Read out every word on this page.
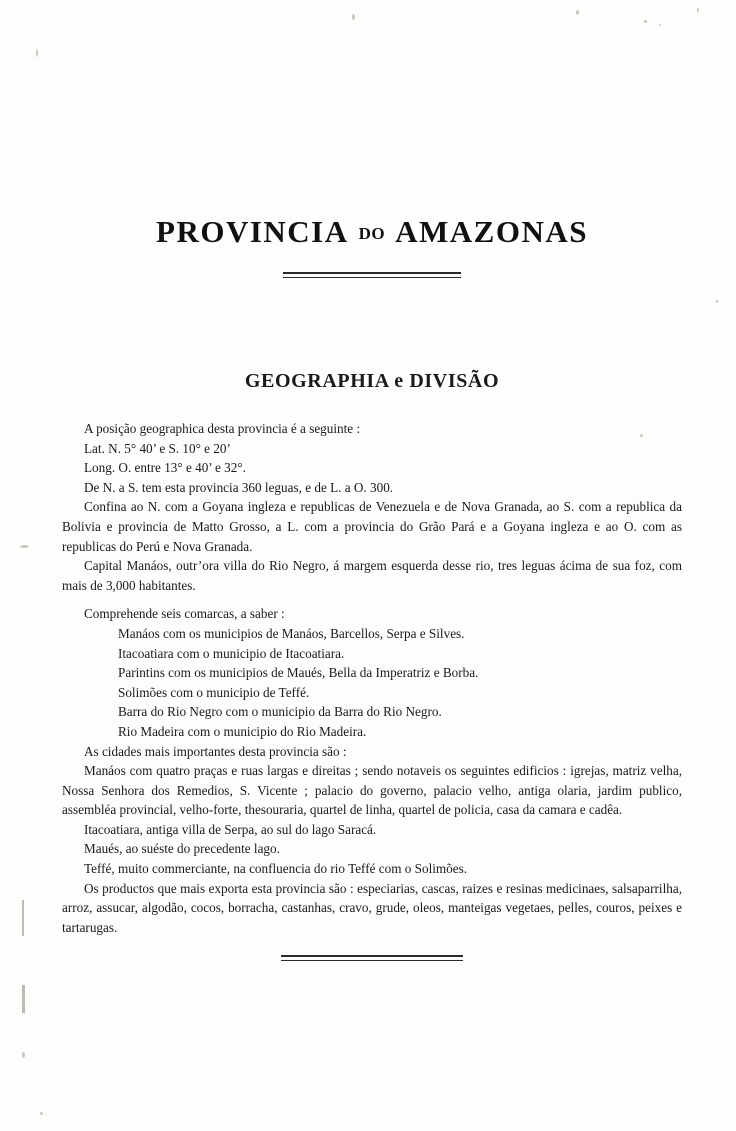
PROVINCIA DO AMAZONAS
GEOGRAPHIA e DIVISÃO

A posição geographica desta provincia é a seguinte :

Lat. N. 5° 40’ e S. 10° e 20’

Long. O. entre 13° e 40’ e 32°.

De N. a S. tem esta provincia 360 leguas, e de L. a O. 300.

Confina ao N. com a Goyana ingleza e republicas de Venezuela e de Nova Granada, ao S. com a republica da Bolivia e provincia de Matto Grosso, a L. com a provincia do Grão Pará e a Goyana ingleza e ao O. com as republicas do Perú e Nova Granada.

Capital Manáos, outr’ora villa do Rio Negro, á margem esquerda desse rio, tres leguas ácima de sua foz, com mais de 3,000 habitantes.

Comprehende seis comarcas, a saber :

Manáos com os municipios de Manáos, Barcellos, Serpa e Silves.
Itacoatiara com o municipio de Itacoatiara.
Parintins com os municipios de Maués, Bella da Imperatriz e Borba.
Solimões com o municipio de Teffé.
Barra do Rio Negro com o municipio da Barra do Rio Negro.
Rio Madeira com o municipio do Rio Madeira.

As cidades mais importantes desta provincia são :

Manáos com quatro praças e ruas largas e direitas ; sendo notaveis os seguintes edificios : igrejas, matriz velha, Nossa Senhora dos Remedios, S. Vicente ; palacio do governo, palacio velho, antiga olaria, jardim publico, assembléa provincial, velho-forte, thesouraria, quartel de linha, quartel de policia, casa da camara e cadêa.

Itacoatiara, antiga villa de Serpa, ao sul do lago Saracá.

Maués, ao suéste do precedente lago.

Teffé, muito commerciante, na confluencia do rio Teffé com o Solimões.

Os productos que mais exporta esta provincia são : especiarias, cascas, raizes e resinas medicinaes, salsaparrilha, arroz, assucar, algodão, cocos, borracha, castanhas, cravo, grude, oleos, manteigas vegetaes, pelles, couros, peixes e tartarugas.
